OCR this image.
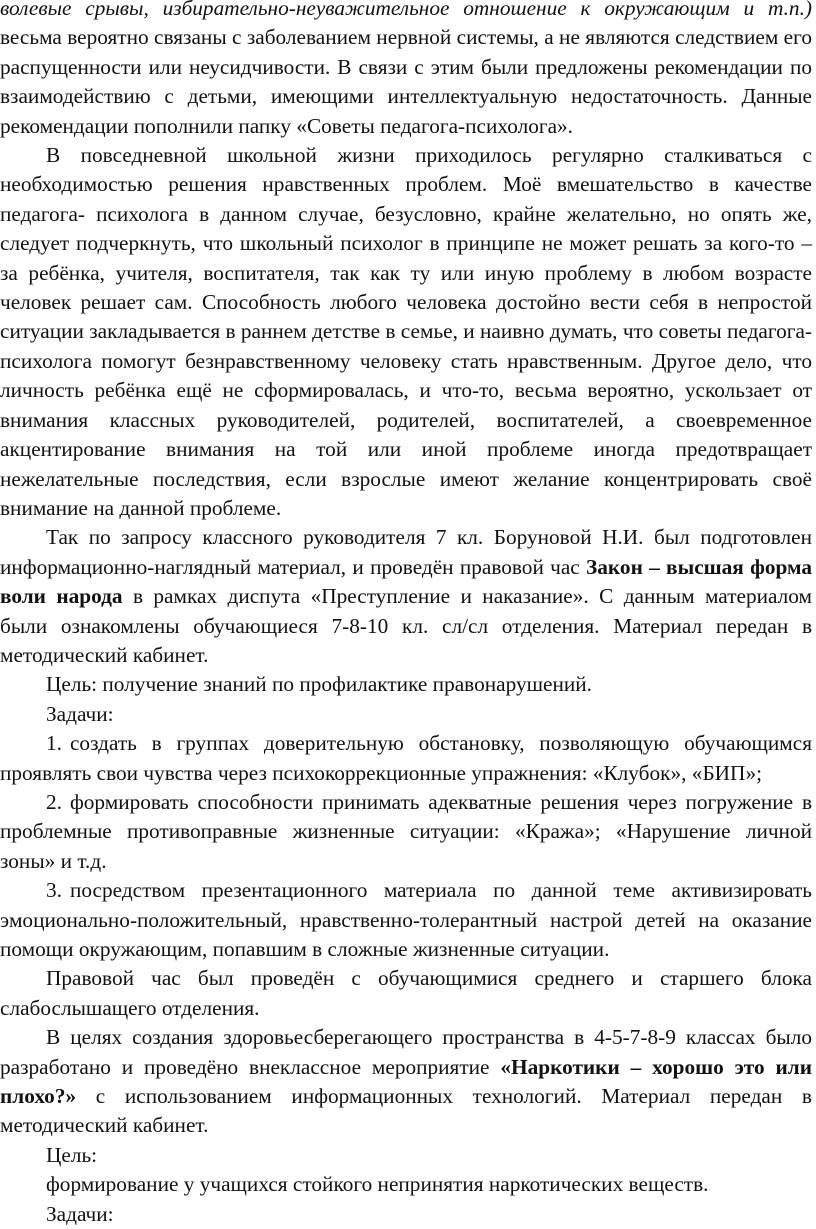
волевые срывы, избирательно-неуважительное отношение к окружающим и т.п.) весьма вероятно связаны с заболеванием нервной системы, а не являются следствием его распущенности или неусидчивости. В связи с этим были предложены рекомендации по взаимодействию с детьми, имеющими интеллектуальную недостаточность. Данные рекомендации пополнили папку «Советы педагога-психолога».

В повседневной школьной жизни приходилось регулярно сталкиваться с необходимостью решения нравственных проблем. Моё вмешательство в качестве педагога- психолога в данном случае, безусловно, крайне желательно, но опять же, следует подчеркнуть, что школьный психолог в принципе не может решать за кого-то – за ребёнка, учителя, воспитателя, так как ту или иную проблему в любом возрасте человек решает сам. Способность любого человека достойно вести себя в непростой ситуации закладывается в раннем детстве в семье, и наивно думать, что советы педагога-психолога помогут безнравственному человеку стать нравственным. Другое дело, что личность ребёнка ещё не сформировалась, и что-то, весьма вероятно, ускользает от внимания классных руководителей, родителей, воспитателей, а своевременное акцентирование внимания на той или иной проблеме иногда предотвращает нежелательные последствия, если взрослые имеют желание концентрировать своё внимание на данной проблеме.

Так по запросу классного руководителя 7 кл. Боруновой Н.И. был подготовлен информационно-наглядный материал, и проведён правовой час Закон – высшая форма воли народа в рамках диспута «Преступление и наказание». С данным материалом были ознакомлены обучающиеся 7-8-10 кл. сл/сл отделения. Материал передан в методический кабинет.

Цель: получение знаний по профилактике правонарушений.

Задачи:

1. создать в группах доверительную обстановку, позволяющую обучающимся проявлять свои чувства через психокоррекционные упражнения: «Клубок», «БИП»;

2. формировать способности принимать адекватные решения через погружение в проблемные противоправные жизненные ситуации: «Кража»; «Нарушение личной зоны» и т.д.

3. посредством презентационного материала по данной теме активизировать эмоционально-положительный, нравственно-толерантный настрой детей на оказание помощи окружающим, попавшим в сложные жизненные ситуации.

Правовой час был проведён с обучающимися среднего и старшего блока слабослышащего отделения.

В целях создания здоровьесберегающего пространства в 4-5-7-8-9 классах было разработано и проведёно внеклассное мероприятие «Наркотики – хорошо это или плохо?» с использованием информационных технологий. Материал передан в методический кабинет.

Цель:

формирование у учащихся стойкого непринятия наркотических веществ.

Задачи:
